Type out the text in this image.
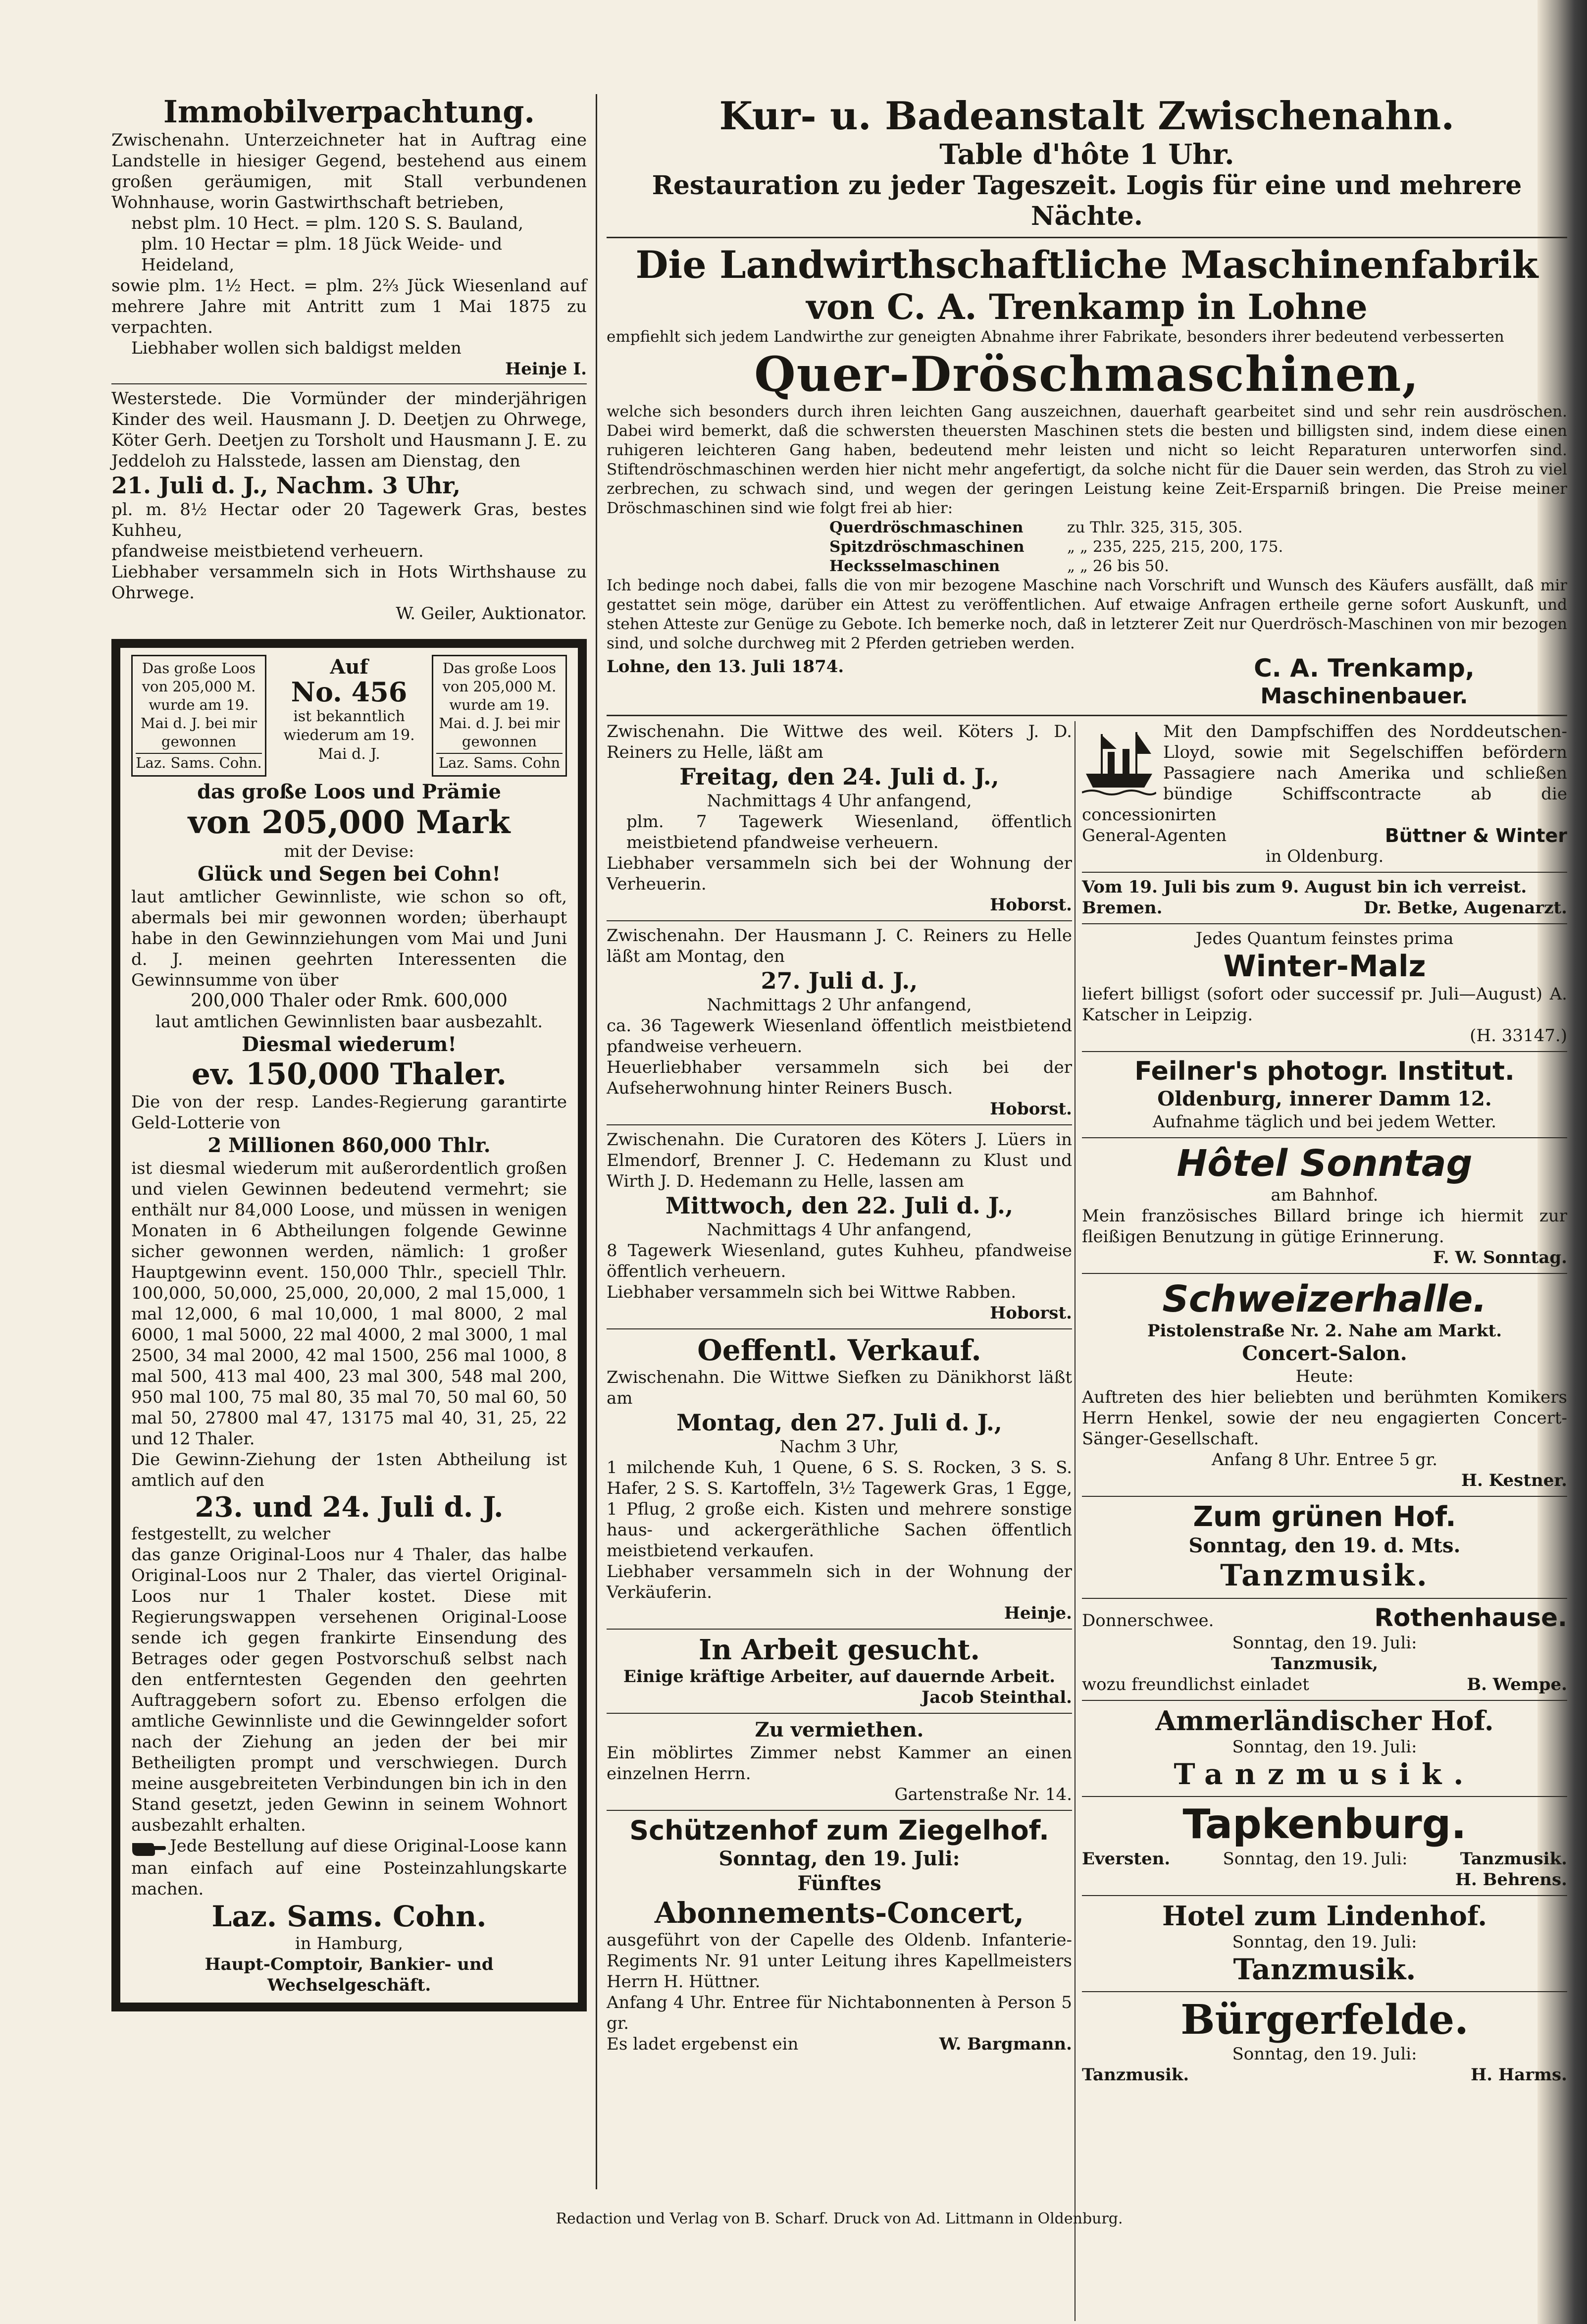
Immobilverpachtung.

Zwischenahn. Unterzeichneter hat in Auftrag eine Landstelle in hiesiger Gegend, bestehend aus einem großen geräumigen, mit Stall verbundenen Wohnhause, worin Gastwirthschaft betrieben,

nebst plm. 10 Hect. = plm. 120 S. S. Bauland,

plm. 10 Hectar = plm. 18 Jück Weide- und Heideland,

sowie plm. 1½ Hect. = plm. 2⅔ Jück Wiesenland auf mehrere Jahre mit Antritt zum 1 Mai 1875 zu verpachten.

Liebhaber wollen sich baldigst melden

Heinje I.

Westerstede. Die Vormünder der minderjährigen Kinder des weil. Hausmann J. D. Deetjen zu Ohrwege, Köter Gerh. Deetjen zu Torsholt und Hausmann J. E. zu Jeddeloh zu Halsstede, lassen am Dienstag, den

21. Juli d. J., Nachm. 3 Uhr,

pl. m. 8½ Hectar oder 20 Tagewerk Gras, bestes Kuhheu,

pfandweise meistbietend verheuern.

Liebhaber versammeln sich in Hots Wirthshause zu Ohrwege.

W. Geiler, Auktionator.

Das große Loos von 205,000 M. wurde am 19. Mai d. J. bei mir gewonnen
Laz. Sams. Cohn.
Auf
No. 456
ist bekanntlich wiederum am 19. Mai d. J.
Das große Loos von 205,000 M. wurde am 19. Mai. d. J. bei mir gewonnen
Laz. Sams. Cohn

das große Loos und Prämie

von 205,000 Mark

mit der Devise:

Glück und Segen bei Cohn!

laut amtlicher Gewinnliste, wie schon so oft, abermals bei mir gewonnen worden; überhaupt habe in den Gewinnziehungen vom Mai und Juni d. J. meinen geehrten Interessenten die Gewinnsumme von über

200,000 Thaler oder Rmk. 600,000

laut amtlichen Gewinnlisten baar ausbezahlt.

Diesmal wiederum!

ev. 150,000 Thaler.

Die von der resp. Landes-Regierung garantirte Geld-Lotterie von

2 Millionen 860,000 Thlr.

ist diesmal wiederum mit außerordentlich großen und vielen Gewinnen bedeutend vermehrt; sie enthält nur 84,000 Loose, und müssen in wenigen Monaten in 6 Abtheilungen folgende Gewinne sicher gewonnen werden, nämlich: 1 großer Hauptgewinn event. 150,000 Thlr., speciell Thlr. 100,000, 50,000, 25,000, 20,000, 2 mal 15,000, 1 mal 12,000, 6 mal 10,000, 1 mal 8000, 2 mal 6000, 1 mal 5000, 22 mal 4000, 2 mal 3000, 1 mal 2500, 34 mal 2000, 42 mal 1500, 256 mal 1000, 8 mal 500, 413 mal 400, 23 mal 300, 548 mal 200, 950 mal 100, 75 mal 80, 35 mal 70, 50 mal 60, 50 mal 50, 27800 mal 47, 13175 mal 40, 31, 25, 22 und 12 Thaler.

Die Gewinn-Ziehung der 1sten Abtheilung ist amtlich auf den

23. und 24. Juli d. J.

festgestellt, zu welcher

das ganze Original-Loos nur 4 Thaler, das halbe Original-Loos nur 2 Thaler, das viertel Original-Loos nur 1 Thaler kostet. Diese mit Regierungswappen versehenen Original-Loose sende ich gegen frankirte Einsendung des Betrages oder gegen Postvorschuß selbst nach den entferntesten Gegenden den geehrten Auftraggebern sofort zu. Ebenso erfolgen die amtliche Gewinnliste und die Gewinngelder sofort nach der Ziehung an jeden der bei mir Betheiligten prompt und verschwiegen. Durch meine ausgebreiteten Verbindungen bin ich in den Stand gesetzt, jeden Gewinn in seinem Wohnort ausbezahlt erhalten.

Jede Bestellung auf diese Original-Loose kann man einfach auf eine Posteinzahlungskarte machen.

Laz. Sams. Cohn.

in Hamburg,

Haupt-Comptoir, Bankier- und Wechselgeschäft.

Kur- u. Badeanstalt Zwischenahn.

Table d'hôte 1 Uhr.

Restauration zu jeder Tageszeit. Logis für eine und mehrere Nächte.

Die Landwirthschaftliche Maschinenfabrik

von C. A. Trenkamp in Lohne

empfiehlt sich jedem Landwirthe zur geneigten Abnahme ihrer Fabrikate, besonders ihrer bedeutend verbesserten

Quer-Dröschmaschinen,

welche sich besonders durch ihren leichten Gang auszeichnen, dauerhaft gearbeitet sind und sehr rein ausdröschen. Dabei wird bemerkt, daß die schwersten theuersten Maschinen stets die besten und billigsten sind, indem diese einen ruhigeren leichteren Gang haben, bedeutend mehr leisten und nicht so leicht Reparaturen unterworfen sind. Stiftendröschmaschinen werden hier nicht mehr angefertigt, da solche nicht für die Dauer sein werden, das Stroh zu viel zerbrechen, zu schwach sind, und wegen der geringen Leistung keine Zeit-Ersparniß bringen. Die Preise meiner Dröschmaschinen sind wie folgt frei ab hier:

Querdröschmaschinen	zu Thlr. 325, 315, 305.
Spitzdröschmaschinen	„ „ 235, 225, 215, 200, 175.
Hecksselmaschinen	„ „ 26 bis 50.

Ich bedinge noch dabei, falls die von mir bezogene Maschine nach Vorschrift und Wunsch des Käufers ausfällt, daß mir gestattet sein möge, darüber ein Attest zu veröffentlichen. Auf etwaige Anfragen ertheile gerne sofort Auskunft, und stehen Atteste zur Genüge zu Gebote. Ich bemerke noch, daß in letzterer Zeit nur Querdrösch-Maschinen von mir bezogen sind, und solche durchweg mit 2 Pferden getrieben werden.

Lohne, den 13. Juli 1874.	C. A. Trenkamp,

Maschinenbauer.

Zwischenahn. Die Wittwe des weil. Köters J. D. Reiners zu Helle, läßt am

Freitag, den 24. Juli d. J.,

Nachmittags 4 Uhr anfangend,

plm. 7 Tagewerk Wiesenland, öffentlich meistbietend pfandweise verheuern.

Liebhaber versammeln sich bei der Wohnung der Verheuerin.

Hoborst.

Zwischenahn. Der Hausmann J. C. Reiners zu Helle läßt am Montag, den

27. Juli d. J.,

Nachmittags 2 Uhr anfangend,

ca. 36 Tagewerk Wiesenland öffentlich meistbietend pfandweise verheuern.

Heuerliebhaber versammeln sich bei der Aufseherwohnung hinter Reiners Busch.

Hoborst.

Zwischenahn. Die Curatoren des Köters J. Lüers in Elmendorf, Brenner J. C. Hedemann zu Klust und Wirth J. D. Hedemann zu Helle, lassen am

Mittwoch, den 22. Juli d. J.,

Nachmittags 4 Uhr anfangend,

8 Tagewerk Wiesenland, gutes Kuhheu, pfandweise öffentlich verheuern.

Liebhaber versammeln sich bei Wittwe Rabben.

Hoborst.

Oeffentl. Verkauf.

Zwischenahn. Die Wittwe Siefken zu Dänikhorst läßt am

Montag, den 27. Juli d. J.,

Nachm 3 Uhr,

1 milchende Kuh, 1 Quene, 6 S. S. Rocken, 3 S. S. Hafer, 2 S. S. Kartoffeln, 3½ Tagewerk Gras, 1 Egge, 1 Pflug, 2 große eich. Kisten und mehrere sonstige haus- und ackergeräthliche Sachen öffentlich meistbietend verkaufen.

Liebhaber versammeln sich in der Wohnung der Verkäuferin.

Heinje.

In Arbeit gesucht.

Einige kräftige Arbeiter, auf dauernde Arbeit.

Jacob Steinthal.

Zu vermiethen.

Ein möblirtes Zimmer nebst Kammer an einen einzelnen Herrn.

Gartenstraße Nr. 14.

Schützenhof zum Ziegelhof.

Sonntag, den 19. Juli:

Fünftes

Abonnements-Concert,

ausgeführt von der Capelle des Oldenb. Infanterie-Regiments Nr. 91 unter Leitung ihres Kapellmeisters Herrn H. Hüttner.

Anfang 4 Uhr. Entree für Nichtabonnenten à Person 5 gr.

Es ladet ergebenst ein	W. Bargmann.

Mit den Dampfschiffen des Norddeutschen-Lloyd, sowie mit Segelschiffen befördern Passagiere nach Amerika und schließen bündige Schiffscontracte ab die concessionirten

General-Agenten	Büttner & Winter

in Oldenburg.

Vom 19. Juli bis zum 9. August bin ich verreist.

Bremen.	Dr. Betke, Augenarzt.

Jedes Quantum feinstes prima

Winter-Malz

liefert billigst (sofort oder successif pr. Juli—August) A. Katscher in Leipzig.

(H. 33147.)

Feilner's photogr. Institut.

Oldenburg, innerer Damm 12.

Aufnahme täglich und bei jedem Wetter.

Hôtel Sonntag

am Bahnhof.

Mein französisches Billard bringe ich hiermit zur fleißigen Benutzung in gütige Erinnerung.

F. W. Sonntag.

Schweizerhalle.

Pistolenstraße Nr. 2. Nahe am Markt.

Concert-Salon.

Heute:

Auftreten des hier beliebten und berühmten Komikers Herrn Henkel, sowie der neu engagierten Concert-Sänger-Gesellschaft.

Anfang 8 Uhr. Entree 5 gr.

H. Kestner.

Zum grünen Hof.

Sonntag, den 19. d. Mts.

Tanzmusik.

Donnerschwee.	Rothenhause.

Sonntag, den 19. Juli:

Tanzmusik,

wozu freundlichst einladet	B. Wempe.

Ammerländischer Hof.

Sonntag, den 19. Juli:

Tanzmusik.

Tapkenburg.

Eversten.	Sonntag, den 19. Juli:	Tanzmusik.

H. Behrens.

Hotel zum Lindenhof.

Sonntag, den 19. Juli:

Tanzmusik.

Bürgerfelde.

Sonntag, den 19. Juli:

Tanzmusik.	H. Harms.

Redaction und Verlag von B. Scharf. Druck von Ad. Littmann in Oldenburg.
